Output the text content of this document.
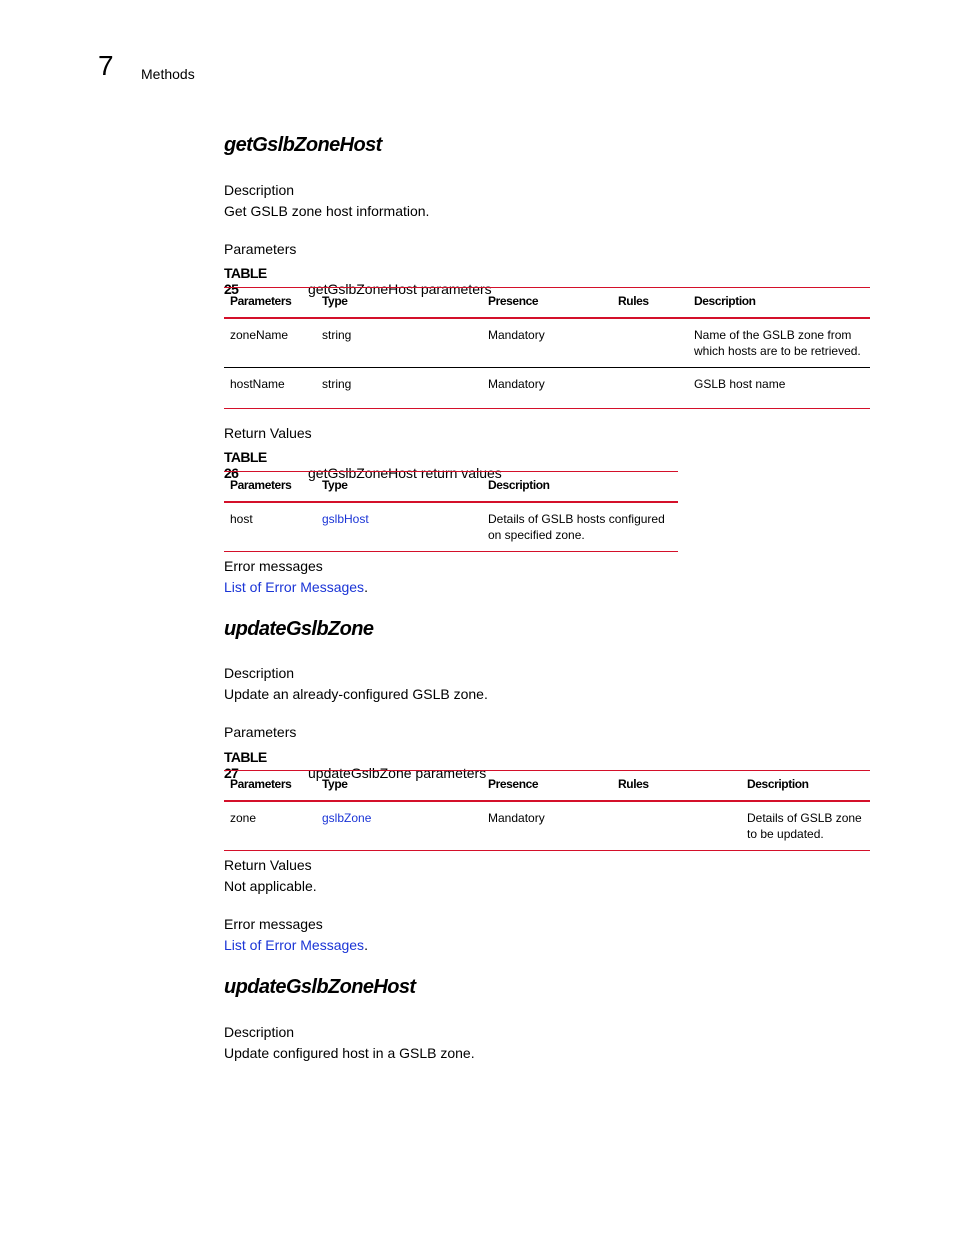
7 Methods
getGslbZoneHost
Description
Get GSLB zone host information.
Parameters
TABLE 25	getGslbZoneHost parameters
Parameters	Type	Presence	Rules	Description
zoneName	string	Mandatory		Name of the GSLB zone from which hosts are to be retrieved.
hostName	string	Mandatory		GSLB host name
Return Values
TABLE 26	getGslbZoneHost return values
Parameters	Type	Description
host	gslbHost	Details of GSLB hosts configured on specified zone.
Error messages
List of Error Messages.
updateGslbZone
Description
Update an already-configured GSLB zone.
Parameters
TABLE 27	updateGslbZone parameters
Parameters	Type	Presence	Rules	Description
zone	gslbZone	Mandatory		Details of GSLB zone to be updated.
Return Values
Not applicable.
Error messages
List of Error Messages.
updateGslbZoneHost
Description
Update configured host in a GSLB zone.
